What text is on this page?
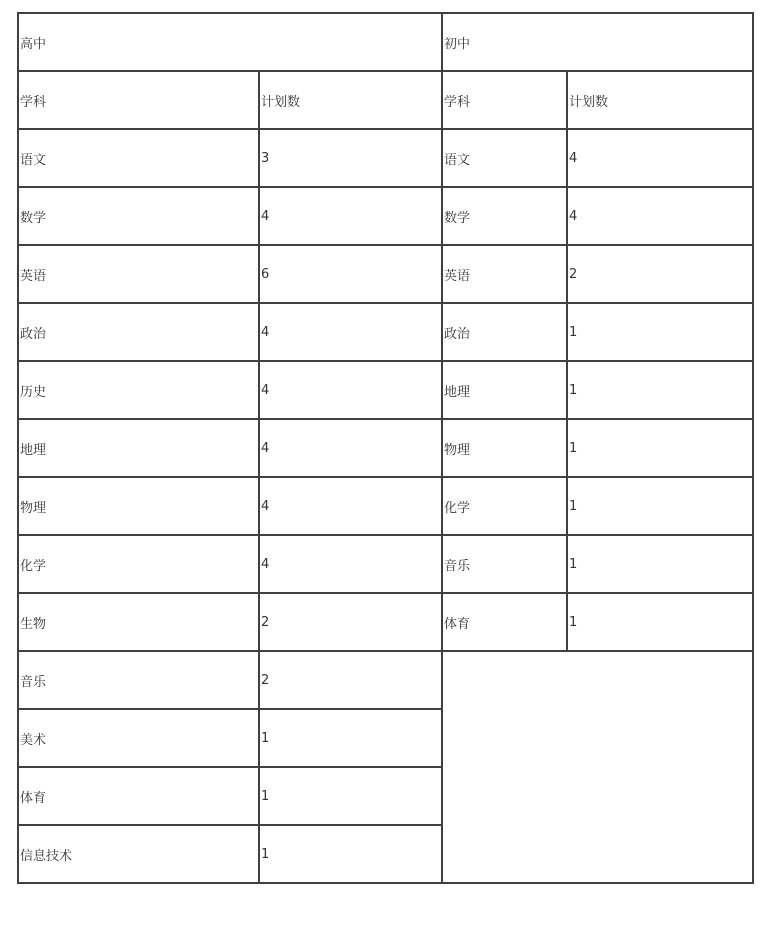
高中		初中	
学科	计划数	学科	计划数
语文	3	语文	4
数学	4	数学	4
英语	6	英语	2
政治	4	政治	1
历史	4	地理	1
地理	4	物理	1
物理	4	化学	1
化学	4	音乐	1
生物	2	体育	1
音乐	2		
美术	1		
体育	1		
信息技术	1		
